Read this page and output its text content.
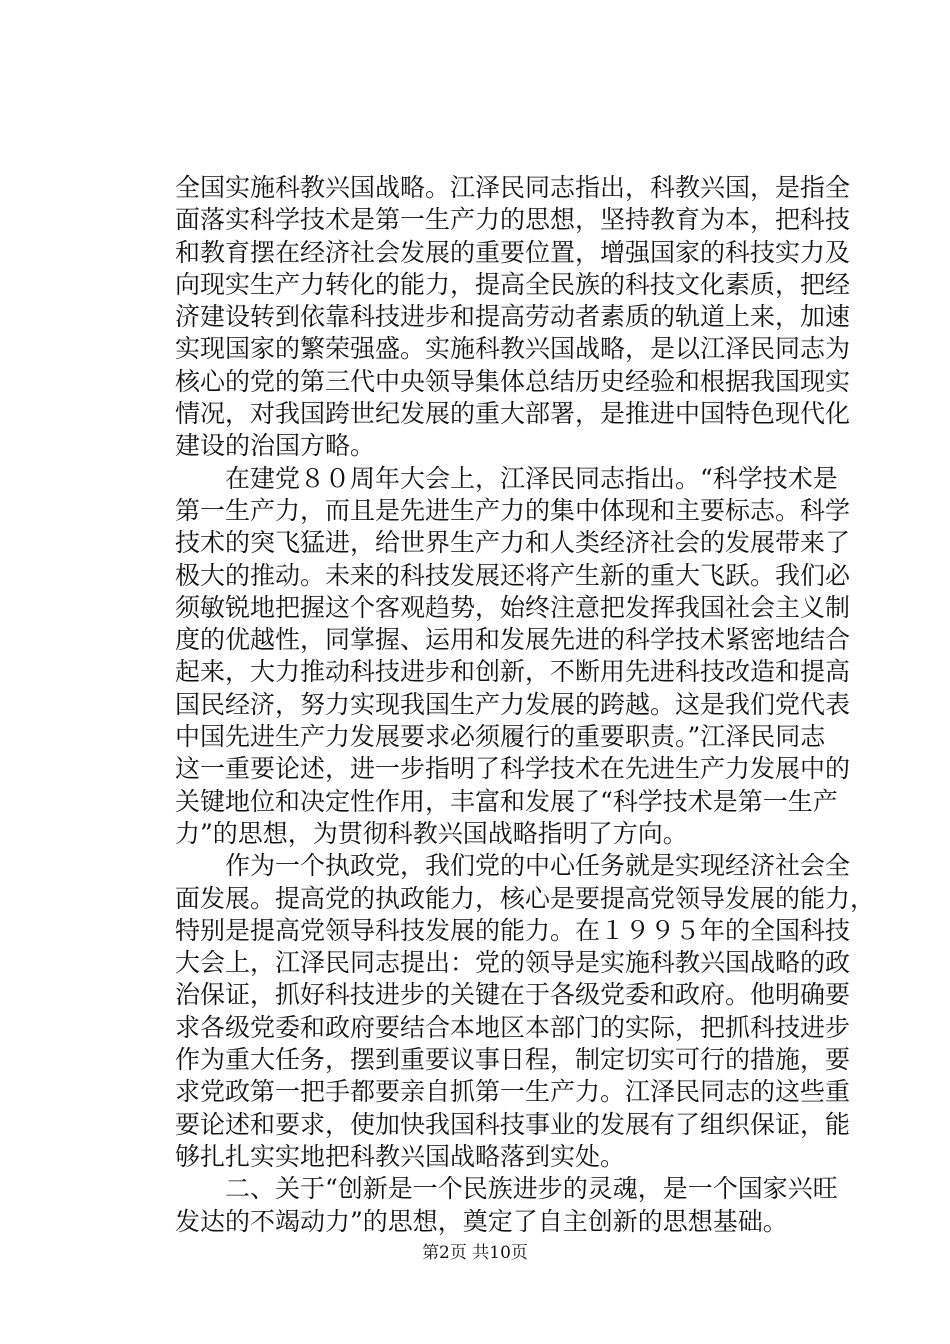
全国实施科教兴国战略。江泽民同志指出，科教兴国，是指全
面落实科学技术是第一生产力的思想，坚持教育为本，把科技
和教育摆在经济社会发展的重要位置，增强国家的科技实力及
向现实生产力转化的能力，提高全民族的科技文化素质，把经
济建设转到依靠科技进步和提高劳动者素质的轨道上来，加速
实现国家的繁荣强盛。实施科教兴国战略，是以江泽民同志为
核心的党的第三代中央领导集体总结历史经验和根据我国现实
情况，对我国跨世纪发展的重大部署，是推进中国特色现代化
建设的治国方略。
　　在建党８０周年大会上，江泽民同志指出。“科学技术是
第一生产力，而且是先进生产力的集中体现和主要标志。科学
技术的突飞猛进，给世界生产力和人类经济社会的发展带来了
极大的推动。未来的科技发展还将产生新的重大飞跃。我们必
须敏锐地把握这个客观趋势，始终注意把发挥我国社会主义制
度的优越性，同掌握、运用和发展先进的科学技术紧密地结合
起来，大力推动科技进步和创新，不断用先进科技改造和提高
国民经济，努力实现我国生产力发展的跨越。这是我们党代表
中国先进生产力发展要求必须履行的重要职责。”江泽民同志
这一重要论述，进一步指明了科学技术在先进生产力发展中的
关键地位和决定性作用，丰富和发展了“科学技术是第一生产
力”的思想，为贯彻科教兴国战略指明了方向。
　　作为一个执政党，我们党的中心任务就是实现经济社会全
面发展。提高党的执政能力，核心是要提高党领导发展的能力，
特别是提高党领导科技发展的能力。在１９９５年的全国科技
大会上，江泽民同志提出：党的领导是实施科教兴国战略的政
治保证，抓好科技进步的关键在于各级党委和政府。他明确要
求各级党委和政府要结合本地区本部门的实际，把抓科技进步
作为重大任务，摆到重要议事日程，制定切实可行的措施，要
求党政第一把手都要亲自抓第一生产力。江泽民同志的这些重
要论述和要求，使加快我国科技事业的发展有了组织保证，能
够扎扎实实地把科教兴国战略落到实处。
　　二、关于“创新是一个民族进步的灵魂，是一个国家兴旺
发达的不竭动力”的思想，奠定了自主创新的思想基础。
第2页 共10页
